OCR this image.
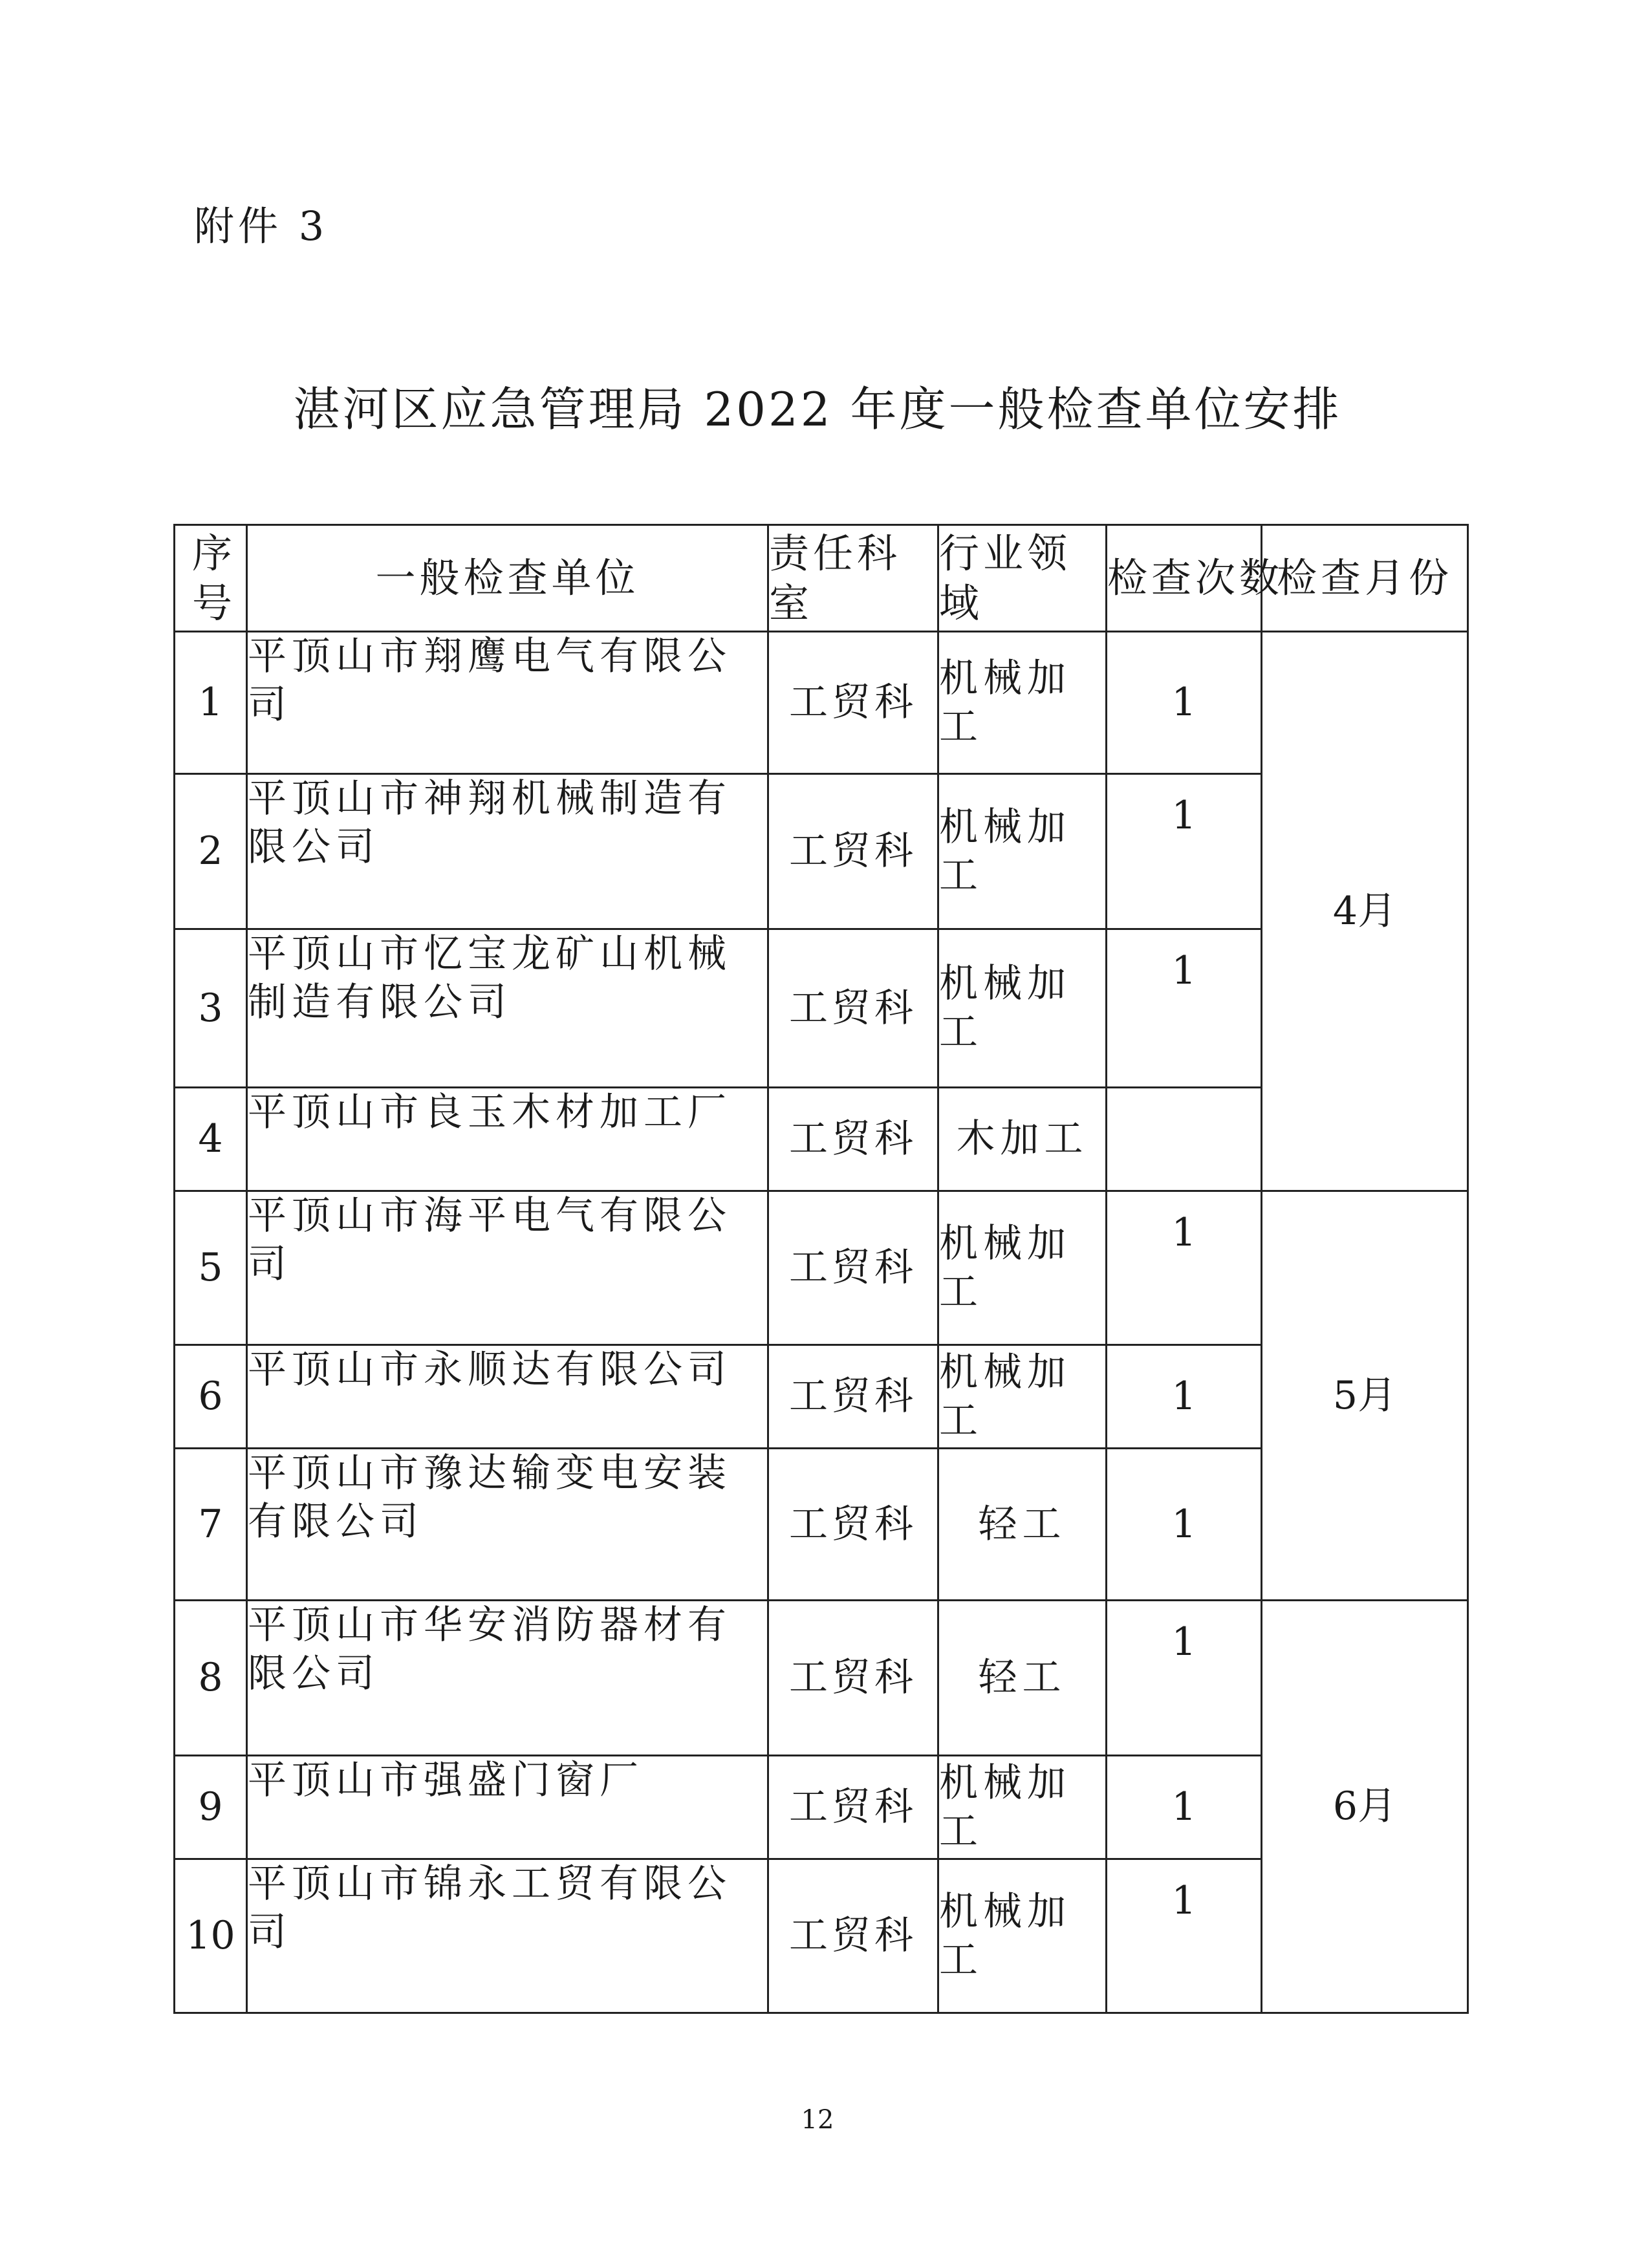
附件 3
湛河区应急管理局 2022 年度一般检查单位安排
序号	一般检查单位	责任科室	行业领域	检查次数	检查月份
1	平顶山市翔鹰电气有限公司	工贸科	机械加工	1	4月
2	平顶山市神翔机械制造有限公司	工贸科	机械加工	1	
3	平顶山市忆宝龙矿山机械制造有限公司	工贸科	机械加工	1	
4	平顶山市良玉木材加工厂	工贸科	木加工		
5	平顶山市海平电气有限公司	工贸科	机械加工	1	5月
6	平顶山市永顺达有限公司	工贸科	机械加工	1	
7	平顶山市豫达输变电安装有限公司	工贸科	轻工	1	
8	平顶山市华安消防器材有限公司	工贸科	轻工	1	6月
9	平顶山市强盛门窗厂	工贸科	机械加工	1	
10	平顶山市锦永工贸有限公司	工贸科	机械加工	1	
12
